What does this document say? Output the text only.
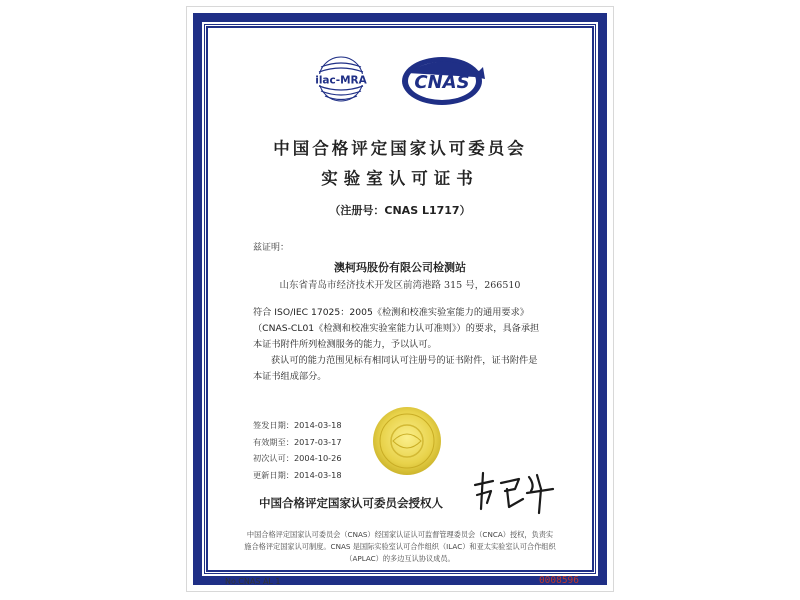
ilac-MRA	CNAS
中国合格评定国家认可委员会
实验室认可证书
（注册号：CNAS L1717）
兹证明：
澳柯玛股份有限公司检测站
山东省青岛市经济技术开发区前湾港路 315 号，266510
符合 ISO/IEC 17025：2005《检测和校准实验室能力的通用要求》
（CNAS-CL01《检测和校准实验室能力认可准则》）的要求，具备承担
本证书附件所列检测服务的能力，予以认可。
获认可的能力范围见标有相同认可注册号的证书附件，证书附件是
本证书组成部分。
签发日期：2014-03-18
有效期至：2017-03-17
初次认可：2004-10-26
更新日期：2014-03-18
中国合格评定国家认可委员会授权人
中国合格评定国家认可委员会（CNAS）经国家认证认可监督管理委员会（CNCA）授权，负责实
施合格评定国家认可制度。CNAS 是国际实验室认可合作组织（ILAC）和亚太实验室认可合作组织
（APLAC）的多边互认协议成员。
No.CNAS AL 1	0008596
